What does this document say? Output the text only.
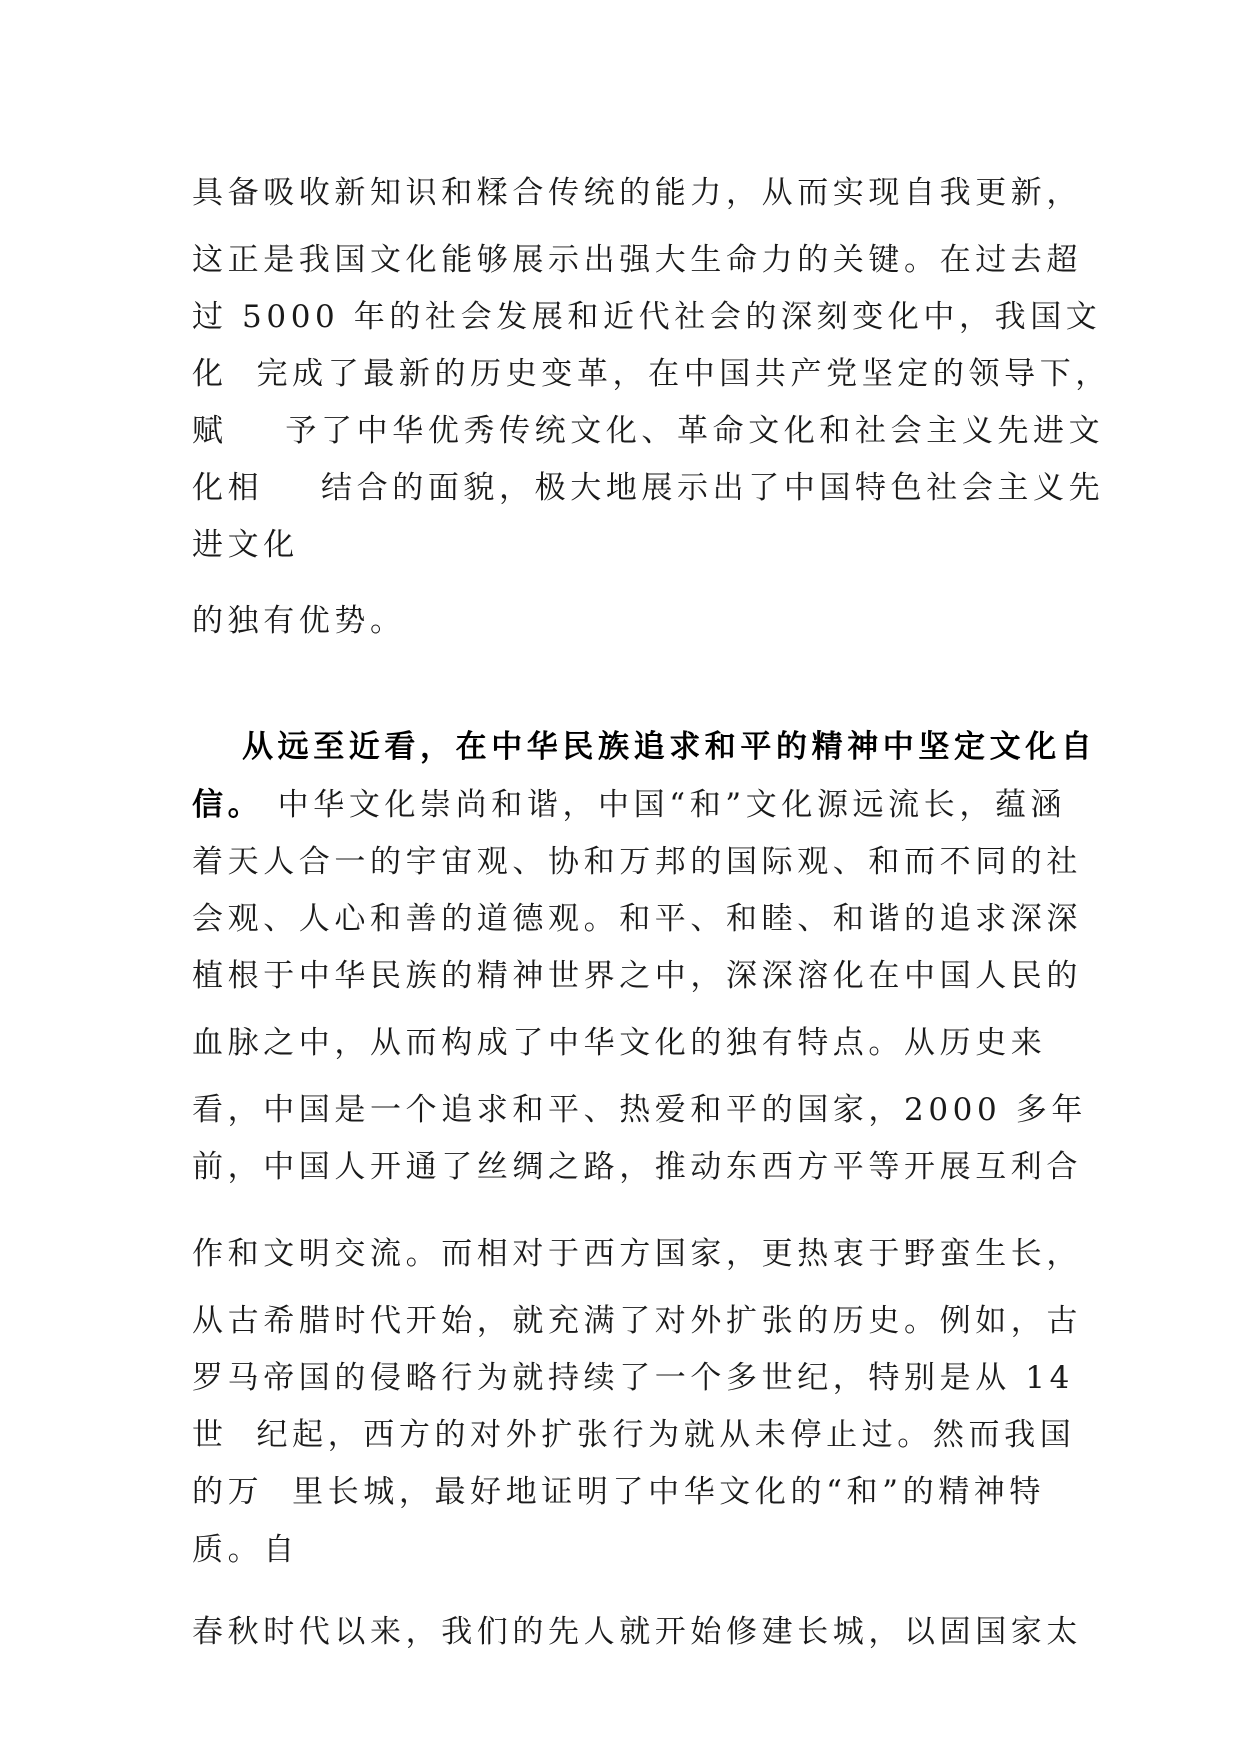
具备吸收新知识和糅合传统的能力，从而实现自我更新，
这正是我国文化能够展示出强大生命力的关键。在过去超
过 5000 年的社会发展和近代社会的深刻变化中，我国文
化  完成了最新的历史变革，在中国共产党坚定的领导下，
赋    予了中华优秀传统文化、革命文化和社会主义先进文
化相    结合的面貌，极大地展示出了中国特色社会主义先
进文化
的独有优势。
从远至近看，在中华民族追求和平的精神中坚定文化自
信。 中华文化崇尚和谐，中国“和”文化源远流长，蕴涵
着天人合一的宇宙观、协和万邦的国际观、和而不同的社
会观、人心和善的道德观。和平、和睦、和谐的追求深深
植根于中华民族的精神世界之中，深深溶化在中国人民的
血脉之中，从而构成了中华文化的独有特点。从历史来
看，中国是一个追求和平、热爱和平的国家，2000 多年
前，中国人开通了丝绸之路，推动东西方平等开展互利合
作和文明交流。而相对于西方国家，更热衷于野蛮生长，
从古希腊时代开始，就充满了对外扩张的历史。例如，古
罗马帝国的侵略行为就持续了一个多世纪，特别是从 14
世  纪起，西方的对外扩张行为就从未停止过。然而我国
的万  里长城，最好地证明了中华文化的“和”的精神特
质。自
春秋时代以来，我们的先人就开始修建长城，以固国家太
